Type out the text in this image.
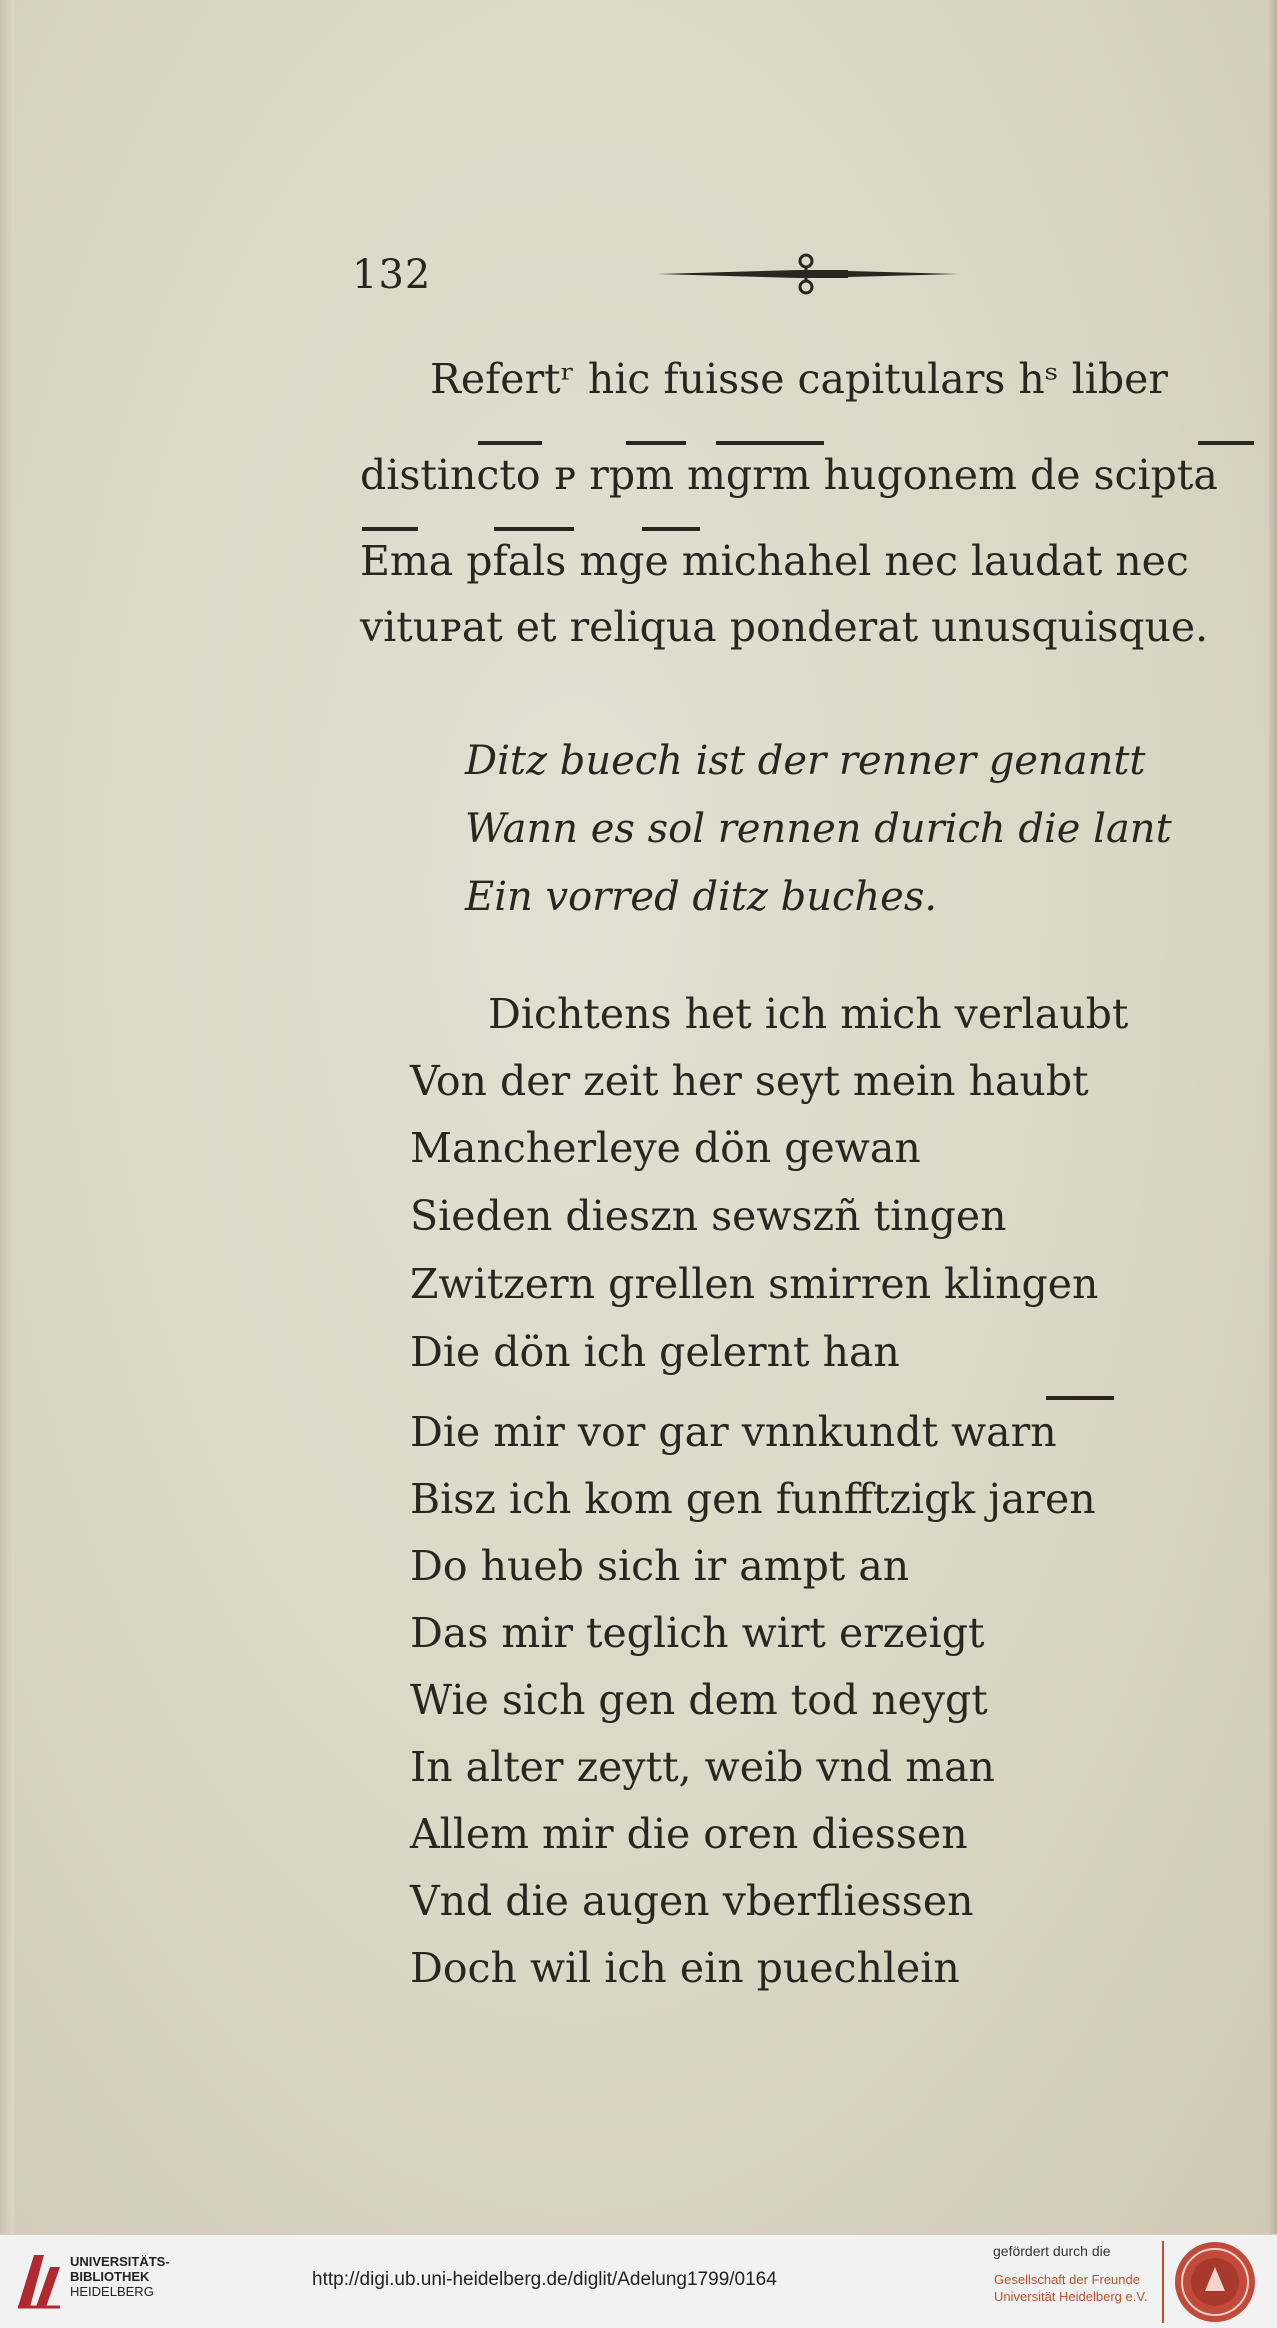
132
Refertʳ hic fuisse capitulars hˢ liber
distincto ᴩ rpm mgrm hugonem de scipta
Ema pfals mge michahel nec laudat nec
vituᴩat et reliqua ponderat unusquisque.
Ditz buech ist der renner genantt
Wann es sol rennen durich die lant
Ein vorred ditz buches.
Dichtens het ich mich verlaubt
Von der zeit her seyt mein haubt
Mancherleye dön gewan
Sieden dieszn sewszñ tingen
Zwitzern grellen smirren klingen
Die dön ich gelernt han
Die mir vor gar vnnkundt warn
Bisz ich kom gen funfftzigk jaren
Do hueb sich ir ampt an
Das mir teglich wirt erzeigt
Wie sich gen dem tod neygt
In alter zeytt, weib vnd man
Allem mir die oren diessen
Vnd die augen vberfliessen
Doch wil ich ein puechlein
UNIVERSITÄTS-
BIBLIOTHEK
HEIDELBERG
http://digi.ub.uni-heidelberg.de/diglit/Adelung1799/0164
gefördert durch die
Gesellschaft der Freunde
Universität Heidelberg e.V.
